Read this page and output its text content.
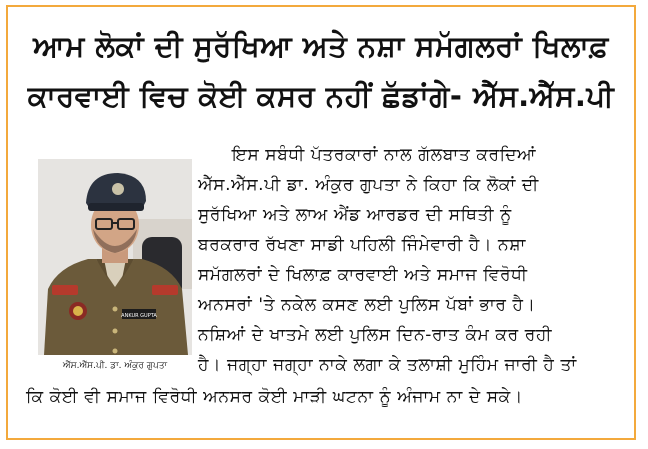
ਆਮ ਲੋਕਾਂ ਦੀ ਸੁਰੱਖਿਆ ਅਤੇ ਨਸ਼ਾ ਸਮੱਗਲਰਾਂ ਖਿਲਾਫ਼
ਕਾਰਵਾਈ ਵਿਚ ਕੋਈ ਕਸਰ ਨਹੀਂ ਛੱਡਾਂਗੇ- ਐੱਸ.ਐੱਸ.ਪੀ
ANKUR GUPTA
ਐੱਸ.ਐੱਸ.ਪੀ. ਡਾ. ਅੰਕੁਰ ਗੁਪਤਾ
ਇਸ ਸਬੰਧੀ ਪੱਤਰਕਾਰਾਂ ਨਾਲ ਗੱਲਬਾਤ ਕਰਦਿਆਂ
ਐੱਸ.ਐੱਸ.ਪੀ ਡਾ. ਅੰਕੁਰ ਗੁਪਤਾ ਨੇ ਕਿਹਾ ਕਿ ਲੋਕਾਂ ਦੀ
ਸੁਰੱਖਿਆ ਅਤੇ ਲਾਅ ਐਂਡ ਆਰਡਰ ਦੀ ਸਥਿਤੀ ਨੂੰ
ਬਰਕਰਾਰ ਰੱਖਣਾ ਸਾਡੀ ਪਹਿਲੀ ਜਿੰਮੇਵਾਰੀ ਹੈ। ਨਸ਼ਾ
ਸਮੱਗਲਰਾਂ ਦੇ ਖਿਲਾਫ਼ ਕਾਰਵਾਈ ਅਤੇ ਸਮਾਜ ਵਿਰੋਧੀ
ਅਨਸਰਾਂ 'ਤੇ ਨਕੇਲ ਕਸਣ ਲਈ ਪੁਲਿਸ ਪੱਬਾਂ ਭਾਰ ਹੈ।
ਨਸ਼ਿਆਂ ਦੇ ਖਾਤਮੇ ਲਈ ਪੁਲਿਸ ਦਿਨ-ਰਾਤ ਕੰਮ ਕਰ ਰਹੀ
ਹੈ। ਜਗ੍ਹਾ ਜਗ੍ਹਾ ਨਾਕੇ ਲਗਾ ਕੇ ਤਲਾਸ਼ੀ ਮੁਹਿੰਮ ਜਾਰੀ ਹੈ ਤਾਂ
ਕਿ ਕੋਈ ਵੀ ਸਮਾਜ ਵਿਰੋਧੀ ਅਨਸਰ ਕੋਈ ਮਾੜੀ ਘਟਨਾ ਨੂੰ ਅੰਜਾਮ ਨਾ ਦੇ ਸਕੇ।
